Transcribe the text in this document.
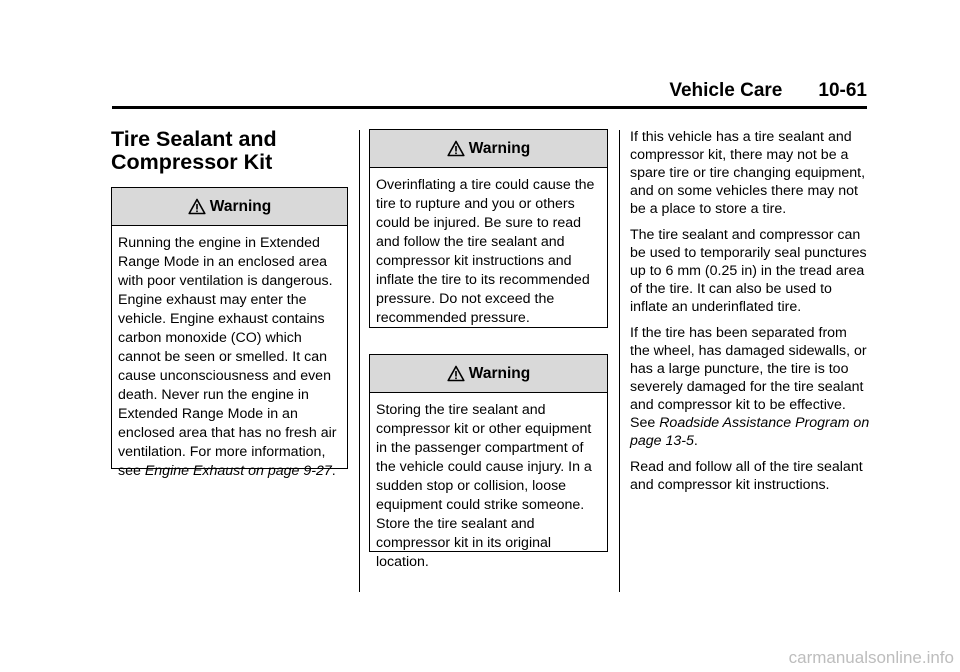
Vehicle Care 10-61
Tire Sealant and
Compressor Kit
Warning
Running the engine in Extended Range Mode in an enclosed area with poor ventilation is dangerous. Engine exhaust may enter the vehicle. Engine exhaust contains carbon monoxide (CO) which cannot be seen or smelled. It can cause unconsciousness and even death. Never run the engine in Extended Range Mode in an enclosed area that has no fresh air ventilation. For more information, see Engine Exhaust on page 9-27.
Warning
Overinflating a tire could cause the tire to rupture and you or others could be injured. Be sure to read and follow the tire sealant and compressor kit instructions and inflate the tire to its recommended pressure. Do not exceed the recommended pressure.
Warning
Storing the tire sealant and compressor kit or other equipment in the passenger compartment of the vehicle could cause injury. In a sudden stop or collision, loose equipment could strike someone. Store the tire sealant and compressor kit in its original location.

If this vehicle has a tire sealant and compressor kit, there may not be a spare tire or tire changing equipment, and on some vehicles there may not be a place to store a tire.

The tire sealant and compressor can be used to temporarily seal punctures up to 6 mm (0.25 in) in the tread area of the tire. It can also be used to inflate an underinflated tire.

If the tire has been separated from the wheel, has damaged sidewalls, or has a large puncture, the tire is too severely damaged for the tire sealant and compressor kit to be effective. See Roadside Assistance Program on page 13-5.

Read and follow all of the tire sealant and compressor kit instructions.

carmanualsonline.info
